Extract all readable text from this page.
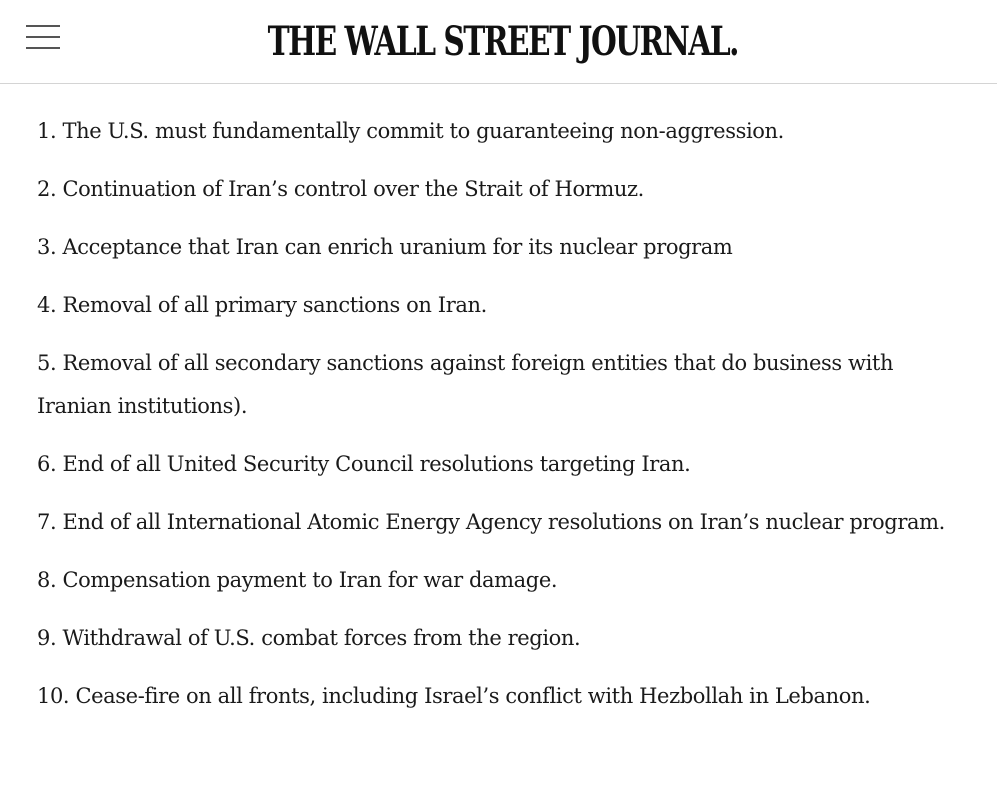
THE WALL STREET JOURNAL.
1. The U.S. must fundamentally commit to guaranteeing non-aggression.
2. Continuation of Iran’s control over the Strait of Hormuz.
3. Acceptance that Iran can enrich uranium for its nuclear program
4. Removal of all primary sanctions on Iran.
5. Removal of all secondary sanctions against foreign entities that do business with Iranian institutions).
6. End of all United Security Council resolutions targeting Iran.
7. End of all International Atomic Energy Agency resolutions on Iran’s nuclear program.
8. Compensation payment to Iran for war damage.
9. Withdrawal of U.S. combat forces from the region.
10. Cease-fire on all fronts, including Israel’s conflict with Hezbollah in Lebanon.
